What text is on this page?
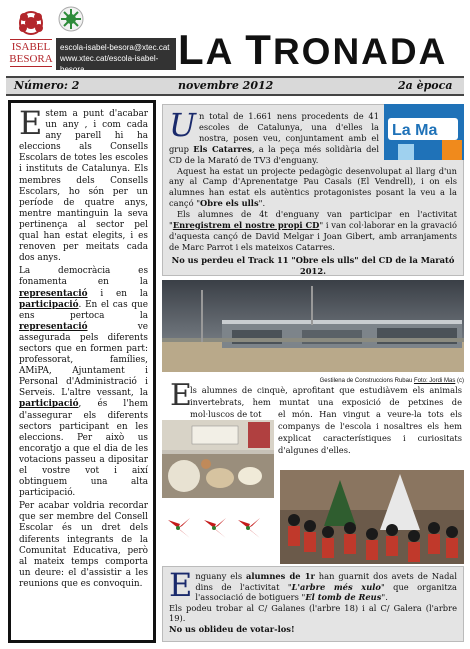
ISABEL
BESORA
escola-isabel-besora@xtec.cat
www.xtec.cat/escola-isabel-besora	LA TRONADA
Número: 2	novembre 2012	2a època

Estem a punt d'acabar un any , i com cada any parell hi ha eleccions als Consells Escolars de totes les escoles i instituts de Catalunya. Els membres dels Consells Escolars, ho són per un període de quatre anys, mentre mantinguin la seva pertinença al sector pel qual han estat elegits, i es renoven per meitats cada dos anys.

La democràcia es fonamenta en la representació i en la participació. En el cas que ens pertoca la representació ve assegurada pels diferents sectors que en formen part: professorat, famílies, AMiPA, Ajuntament i Personal d'Administració i Serveis. L'altre vessant, la participació, és l'hem d'assegurar els diferents sectors participant en les eleccions. Per això us encoratjo a que el dia de les votacions passeu a dipositar el vostre vot i així obtinguem una alta participació.

Per acabar voldria recordar que ser membre del Consell Escolar és un dret dels diferents integrants de la Comunitat Educativa, però al mateix temps comporta un deure: el d'assistir a les reunions que es convoquin.

Un total de 1.661 nens procedents de 41 escoles de Catalunya, una d'elles la nostra, posen veu, conjuntament amb el grup Els Catarres, a la peça més solidària del CD de la Marató de TV3 d'enguany.

Aquest ha estat un projecte pedagògic desenvolupat al llarg d'un any al Camp d'Aprenentatge Pau Casals (El Vendrell), i on els alumnes han estat els autèntics protagonistes posant la veu a la cançó "Obre els ulls".

Els alumnes de 4t d'enguany van participar en l'activitat "Enregistrem el nostre propi CD" i van col·laborar en la gravació d'aquesta cançó de David Melgar i Joan Gibert, amb arranjaments de Marc Parrot i els mateixos Catarres.

No us perdeu el Track 11 "Obre els ulls" del CD de la Marató 2012.

La Ma
Gestilena de Construccions Rubau Foto: Jordi Mas (c)
E
ls alumnes de cinquè, aprofitant que estudiàvem els animals invertebrats, hem muntat una exposició de petxines de mol·luscos de tot	el món. Han vingut a veure-la tots els companys de l'escola i nosaltres els hem explicat característiques i curiositats d'algunes d'elles.

Enguany els alumnes de 1r han guarnit dos avets de Nadal dins de l'activitat "L'arbre més xulo" que organitza l'associació de botiguers "El tomb de Reus".

Els podeu trobar al C/ Galanes (l'arbre 18) i al C/ Galera (l'arbre 19).

No us oblideu de votar-los!
